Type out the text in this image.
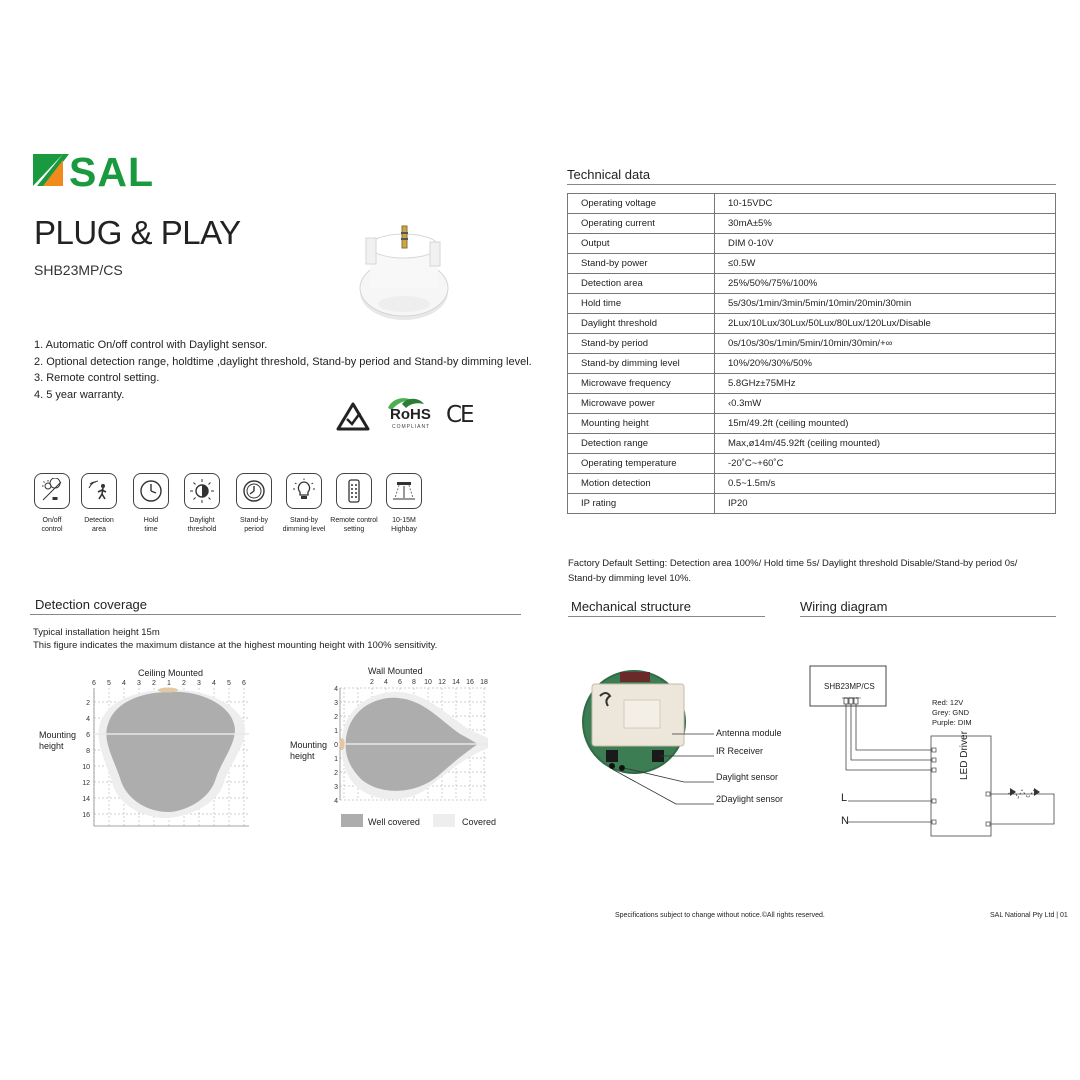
SAL
PLUG & PLAY
SHB23MP/CS
1. Automatic On/off control with Daylight sensor.
2. Optional detection range, holdtime ,daylight threshold, Stand-by period and Stand-by dimming level.
3. Remote control setting.
4. 5 year warranty.
RoHS
COMPLIANT CE
On/off
control
Detection
area
Hold
time
Daylight
threshold
Stand-by
period
Stand-by
dimming level
Remote control
setting
10-15M
Highbay
Technical data
Operating voltage	10-15VDC
Operating current	30mA±5%
Output	DIM 0-10V
Stand-by power	≤0.5W
Detection area	25%/50%/75%/100%
Hold time	5s/30s/1min/3min/5min/10min/20min/30min
Daylight threshold	2Lux/10Lux/30Lux/50Lux/80Lux/120Lux/Disable
Stand-by period	0s/10s/30s/1min/5min/10min/30min/+∞
Stand-by dimming level	10%/20%/30%/50%
Microwave frequency	5.8GHz±75MHz
Microwave power	‹0.3mW
Mounting height	15m/49.2ft (ceiling mounted)
Detection range	Max,ø14m/45.92ft (ceiling mounted)
Operating temperature	-20˚C~+60˚C
Motion detection	0.5~1.5m/s
IP rating	IP20
Factory Default Setting: Detection area 100%/ Hold time 5s/ Daylight threshold Disable/Stand-by period 0s/ Stand-by dimming level 10%.
Detection coverage
Typical installation height 15m
This figure indicates the maximum distance at the highest mounting height with 100% sensitivity.
Ceiling Mounted
Mounting
height
6 5 4 3 2 1 2 3 4 5 6
2
4
6
8
10
12
14
16
Wall Mounted
Mounting
height
2 4 6 8 10 12 14 16 18
4
3
2
1
0
1
2
3
4
Well covered	Covered
Mechanical structure
Antenna module
IR Receiver
Daylight sensor
2Daylight sensor
Wiring diagram
SHB23MP/CS
DIM GND 12V	Red: 12V
Grey: GND
Purple: DIM
LED Driver
L
N
Specifications subject to change without notice.©All rights reserved.	SAL National Pty Ltd | 01
